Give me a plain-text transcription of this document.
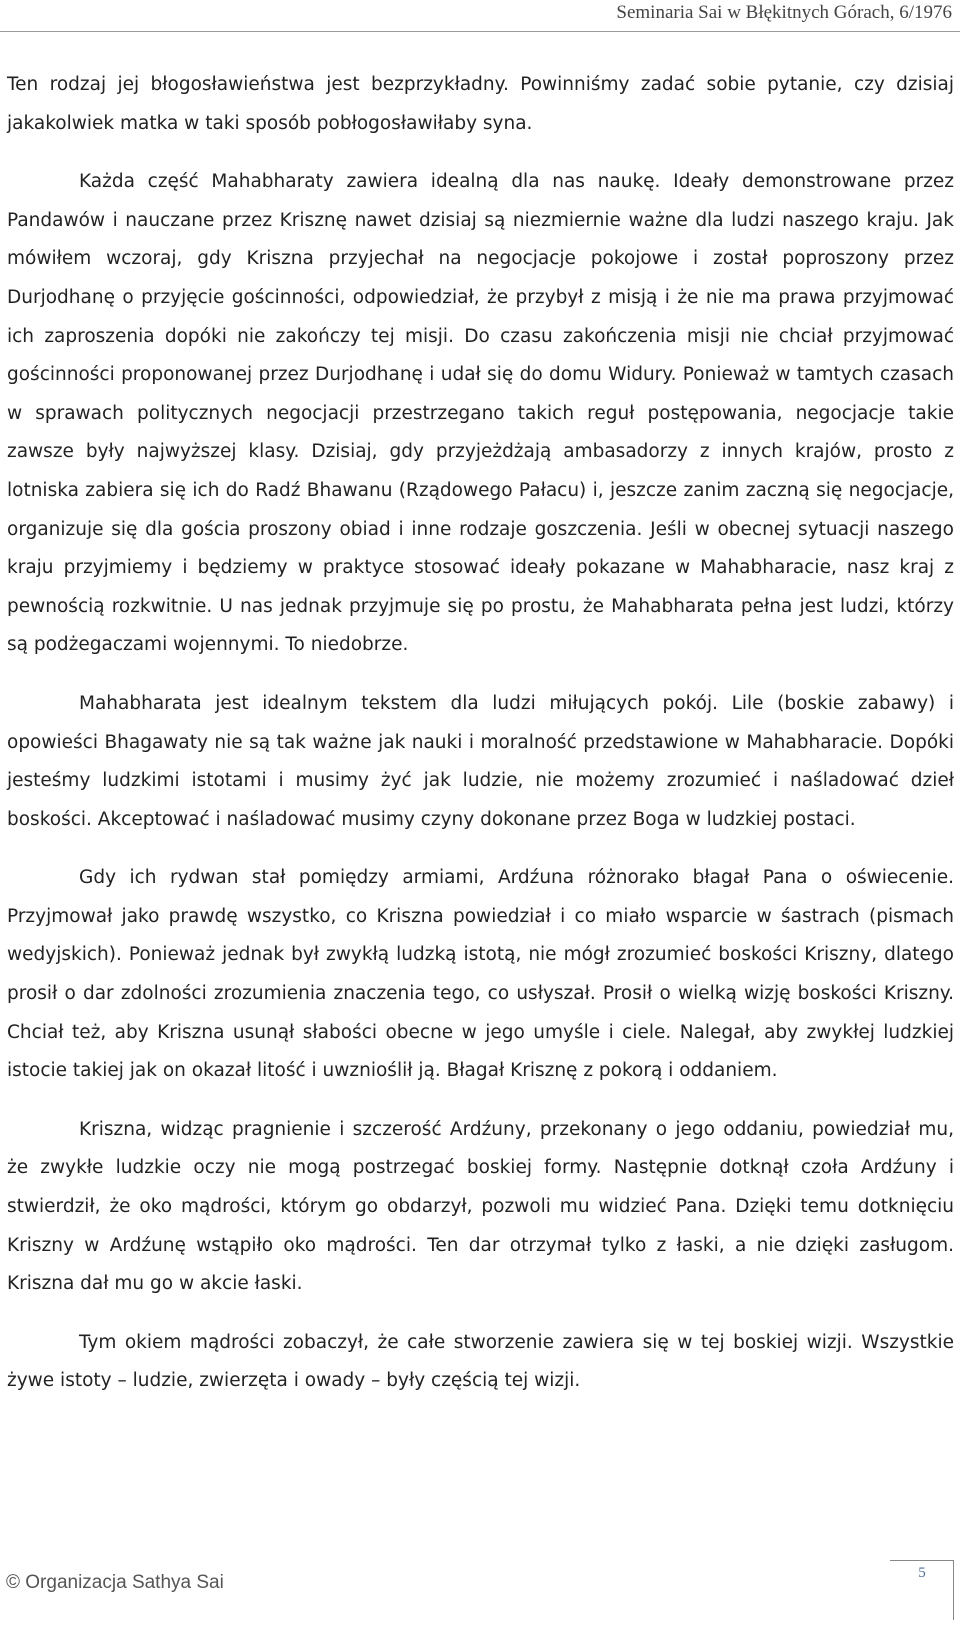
Seminaria Sai w Błękitnych Górach, 6/1976

Ten rodzaj jej błogosławieństwa jest bezprzykładny. Powinniśmy zadać sobie pytanie, czy dzisiaj jakakolwiek matka w taki sposób pobłogosławiłaby syna.

Każda część Mahabharaty zawiera idealną dla nas naukę. Ideały demonstrowane przez Pandawów i nauczane przez Krisznę nawet dzisiaj są niezmiernie ważne dla ludzi naszego kraju. Jak mówiłem wczoraj, gdy Kriszna przyjechał na negocjacje pokojowe i został poproszony przez Durjodhanę o przyjęcie gościnności, odpowiedział, że przybył z misją i że nie ma prawa przyjmować ich zaproszenia dopóki nie zakończy tej misji. Do czasu zakończenia misji nie chciał przyjmować gościnności proponowanej przez Durjodhanę i udał się do domu Widury. Ponieważ w tamtych czasach w sprawach politycznych negocjacji przestrzegano takich reguł postępowania, negocjacje takie zawsze były najwyższej klasy. Dzisiaj, gdy przyjeżdżają ambasadorzy z innych krajów, prosto z lotniska zabiera się ich do Radź Bhawanu (Rządowego Pałacu) i, jeszcze zanim zaczną się negocjacje, organizuje się dla gościa proszony obiad i inne rodzaje goszczenia. Jeśli w obecnej sytuacji naszego kraju przyjmiemy i będziemy w praktyce stosować ideały pokazane w Mahabharacie, nasz kraj z pewnością rozkwitnie. U nas jednak przyjmuje się po prostu, że Mahabharata pełna jest ludzi, którzy są podżegaczami wojennymi. To niedobrze.

Mahabharata jest idealnym tekstem dla ludzi miłujących pokój. Lile (boskie zabawy) i opowieści Bhagawaty nie są tak ważne jak nauki i moralność przedstawione w Mahabharacie. Dopóki jesteśmy ludzkimi istotami i musimy żyć jak ludzie, nie możemy zrozumieć i naśladować dzieł boskości. Akceptować i naśladować musimy czyny dokonane przez Boga w ludzkiej postaci.

Gdy ich rydwan stał pomiędzy armiami, Ardźuna różnorako błagał Pana o oświecenie. Przyjmował jako prawdę wszystko, co Kriszna powiedział i co miało wsparcie w śastrach (pismach wedyjskich). Ponieważ jednak był zwykłą ludzką istotą, nie mógł zrozumieć boskości Kriszny, dlatego prosił o dar zdolności zrozumienia znaczenia tego, co usłyszał. Prosił o wielką wizję boskości Kriszny. Chciał też, aby Kriszna usunął słabości obecne w jego umyśle i ciele. Nalegał, aby zwykłej ludzkiej istocie takiej jak on okazał litość i uwznioślił ją. Błagał Krisznę z pokorą i oddaniem.

Kriszna, widząc pragnienie i szczerość Ardźuny, przekonany o jego oddaniu, powiedział mu, że zwykłe ludzkie oczy nie mogą postrzegać boskiej formy. Następnie dotknął czoła Ardźuny i stwierdził, że oko mądrości, którym go obdarzył, pozwoli mu widzieć Pana. Dzięki temu dotknięciu Kriszny w Ardźunę wstąpiło oko mądrości. Ten dar otrzymał tylko z łaski, a nie dzięki zasługom. Kriszna dał mu go w akcie łaski.

Tym okiem mądrości zobaczył, że całe stworzenie zawiera się w tej boskiej wizji. Wszystkie żywe istoty – ludzie, zwierzęta i owady – były częścią tej wizji.

© Organizacja Sathya Sai	5
